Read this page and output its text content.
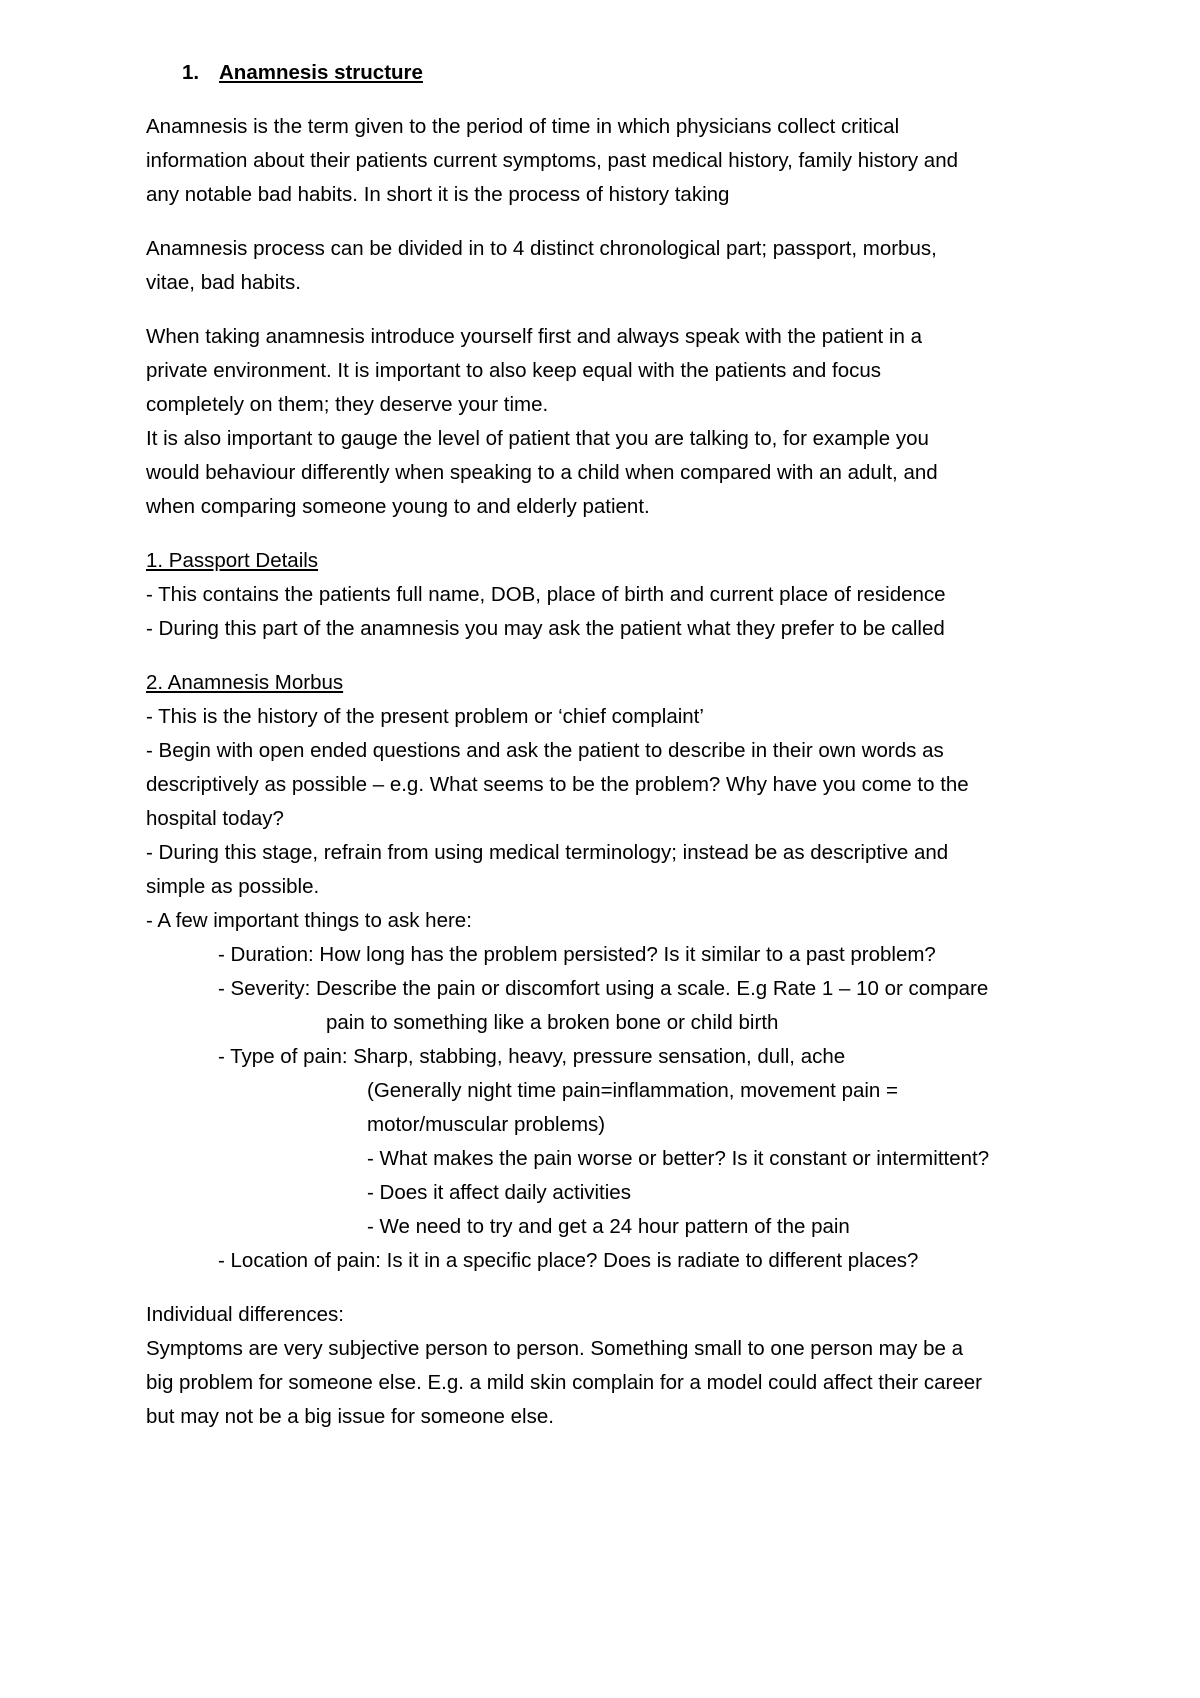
1. Anamnesis structure

Anamnesis is the term given to the period of time in which physicians collect critical

information about their patients current symptoms, past medical history, family history and

any notable bad habits. In short it is the process of history taking

Anamnesis process can be divided in to 4 distinct chronological part; passport, morbus,

vitae, bad habits.

When taking anamnesis introduce yourself first and always speak with the patient in a

private environment. It is important to also keep equal with the patients and focus

completely on them; they deserve your time.

It is also important to gauge the level of patient that you are talking to, for example you

would behaviour differently when speaking to a child when compared with an adult, and

when comparing someone young to and elderly patient.

1. Passport Details

- This contains the patients full name, DOB, place of birth and current place of residence

- During this part of the anamnesis you may ask the patient what they prefer to be called

2. Anamnesis Morbus

- This is the history of the present problem or ‘chief complaint’

- Begin with open ended questions and ask the patient to describe in their own words as

descriptively as possible – e.g. What seems to be the problem? Why have you come to the

hospital today?

- During this stage, refrain from using medical terminology; instead be as descriptive and

simple as possible.

- A few important things to ask here:

- Duration: How long has the problem persisted? Is it similar to a past problem?

- Severity: Describe the pain or discomfort using a scale. E.g Rate 1 – 10 or compare

pain to something like a broken bone or child birth

- Type of pain: Sharp, stabbing, heavy, pressure sensation, dull, ache

(Generally night time pain=inflammation, movement pain =

motor/muscular problems)

- What makes the pain worse or better? Is it constant or intermittent?

- Does it affect daily activities

- We need to try and get a 24 hour pattern of the pain

- Location of pain: Is it in a specific place? Does is radiate to different places?

Individual differences:

Symptoms are very subjective person to person. Something small to one person may be a

big problem for someone else. E.g. a mild skin complain for a model could affect their career

but may not be a big issue for someone else.
